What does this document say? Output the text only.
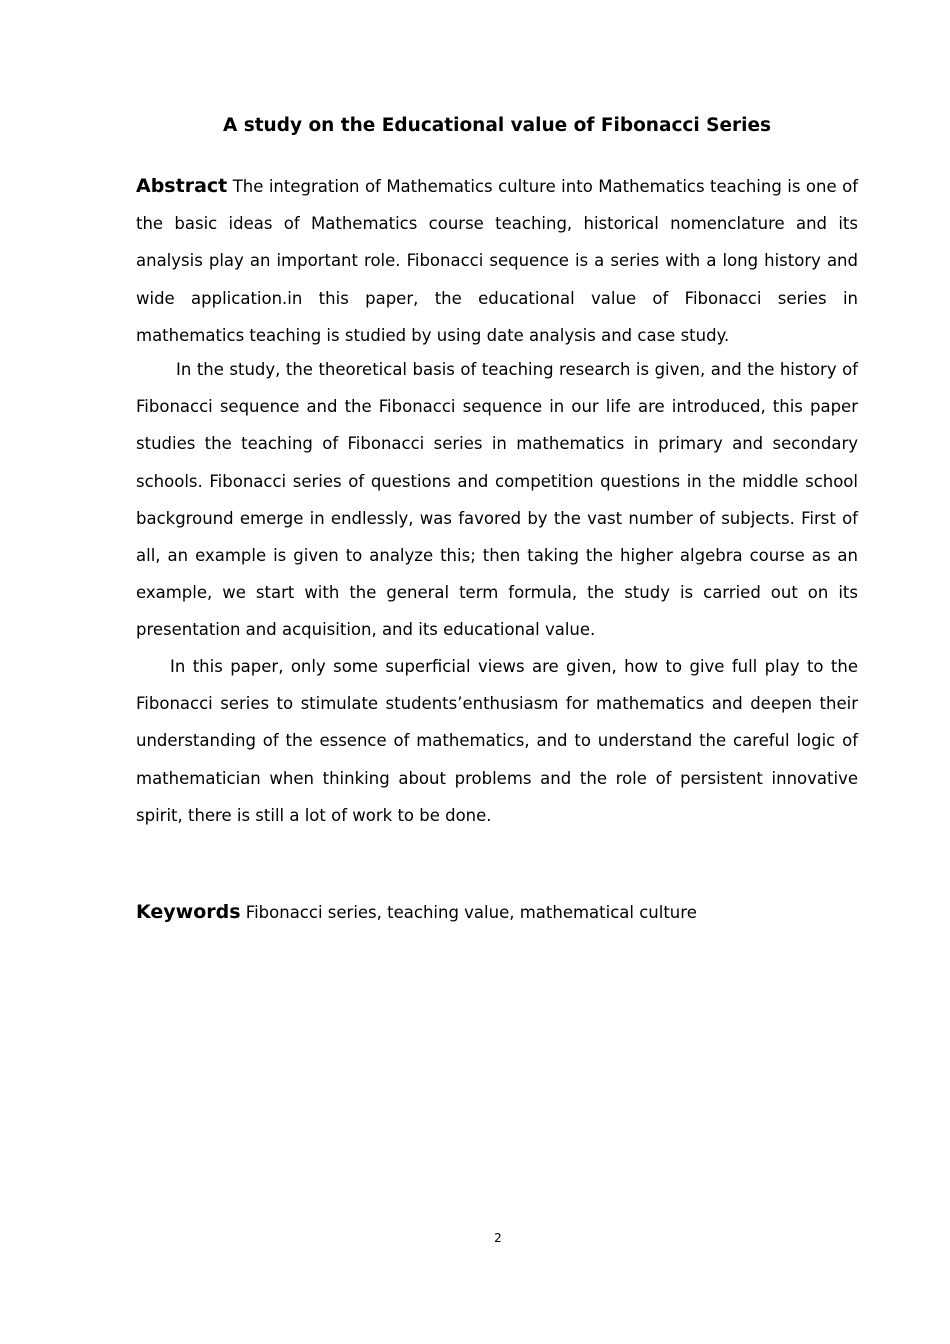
A study on the Educational value of Fibonacci Series

Abstract The integration of Mathematics culture into Mathematics teaching is one of the basic ideas of Mathematics course teaching, historical nomenclature and its analysis play an important role. Fibonacci sequence is a series with a long history and wide application.in this paper, the educational value of Fibonacci series in mathematics teaching is studied by using date analysis and case study.

In the study, the theoretical basis of teaching research is given, and the history of Fibonacci sequence and the Fibonacci sequence in our life are introduced, this paper studies the teaching of Fibonacci series in mathematics in primary and secondary schools. Fibonacci series of questions and competition questions in the middle school background emerge in endlessly, was favored by the vast number of subjects. First of all, an example is given to analyze this; then taking the higher algebra course as an example, we start with the general term formula, the study is carried out on its presentation and acquisition, and its educational value.

In this paper, only some superficial views are given, how to give full play to the Fibonacci series to stimulate students’enthusiasm for mathematics and deepen their understanding of the essence of mathematics, and to understand the careful logic of mathematician when thinking about problems and the role of persistent innovative spirit, there is still a lot of work to be done.

Keywords Fibonacci series, teaching value, mathematical culture

2
